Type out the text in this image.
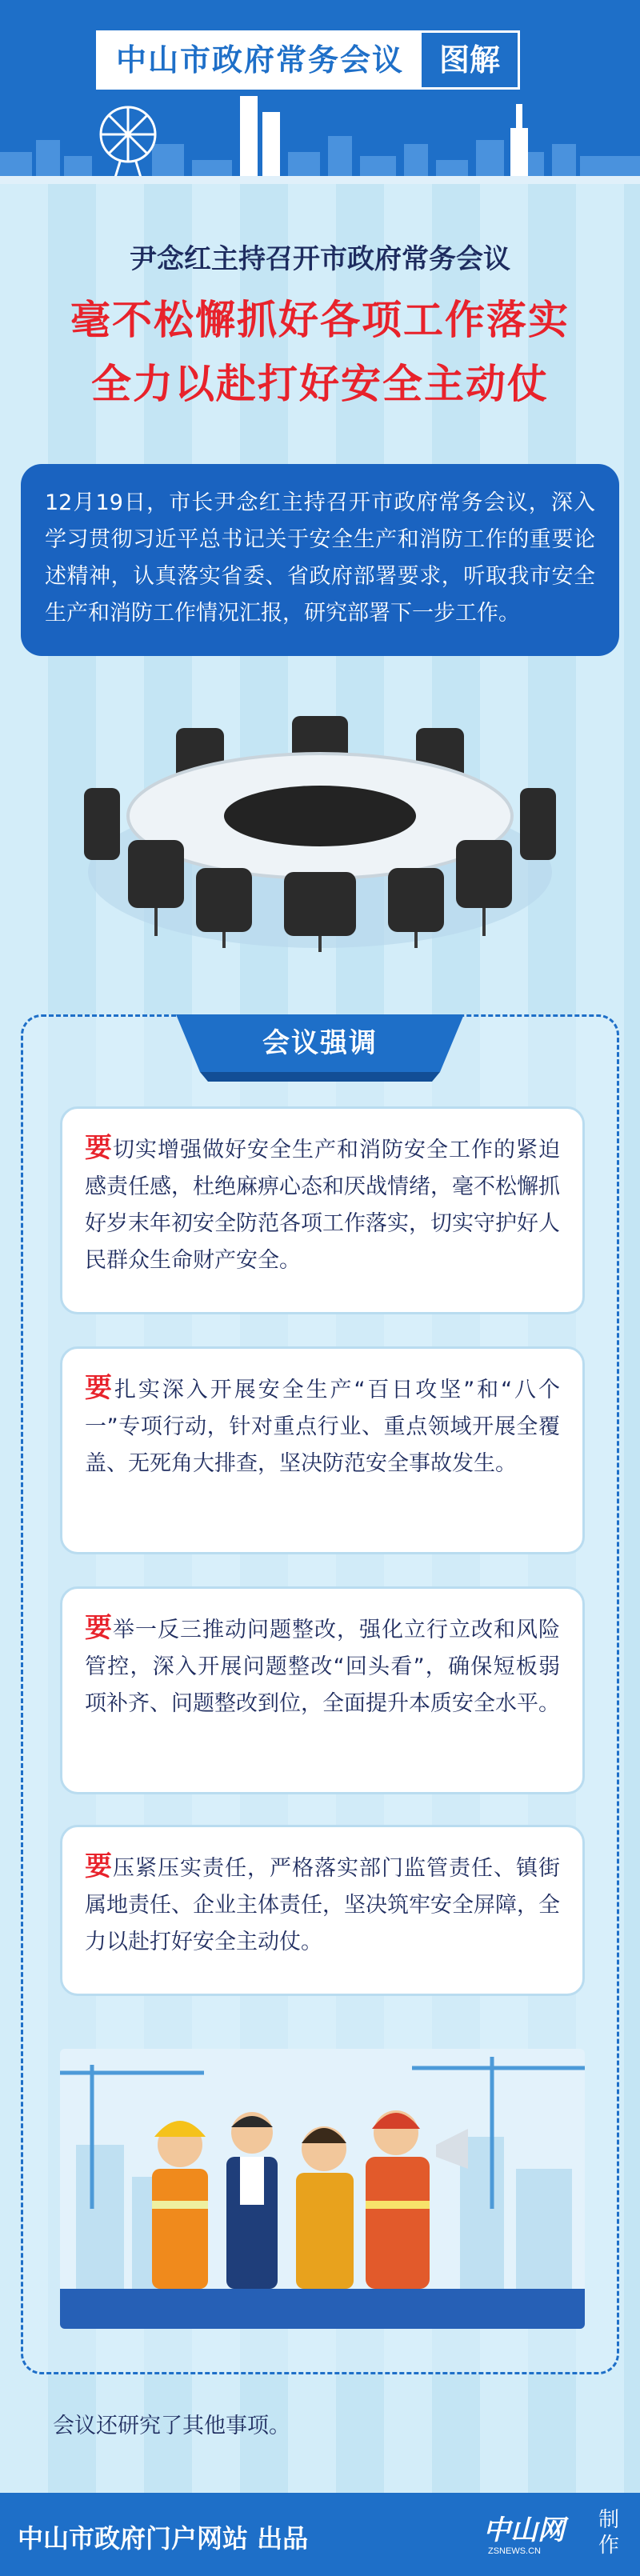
中山市政府常务会议	图解
尹念红主持召开市政府常务会议
毫不松懈抓好各项工作落实
全力以赴打好安全主动仗
12月19日，市长尹念红主持召开市政府常务会议，深入学习贯彻习近平总书记关于安全生产和消防工作的重要论述精神，认真落实省委、省政府部署要求，听取我市安全生产和消防工作情况汇报，研究部署下一步工作。
会议强调
要切实增强做好安全生产和消防安全工作的紧迫感责任感，杜绝麻痹心态和厌战情绪，毫不松懈抓好岁末年初安全防范各项工作落实，切实守护好人民群众生命财产安全。
要扎实深入开展安全生产“百日攻坚”和“八个一”专项行动，针对重点行业、重点领域开展全覆盖、无死角大排查，坚决防范安全事故发生。
要举一反三推动问题整改，强化立行立改和风险管控，深入开展问题整改“回头看”，确保短板弱项补齐、问题整改到位，全面提升本质安全水平。
要压紧压实责任，严格落实部门监管责任、镇街属地责任、企业主体责任，坚决筑牢安全屏障，全力以赴打好安全主动仗。
会议还研究了其他事项。
中山市政府门户网站 出品	中山网
ZSNEWS.CN
制作
